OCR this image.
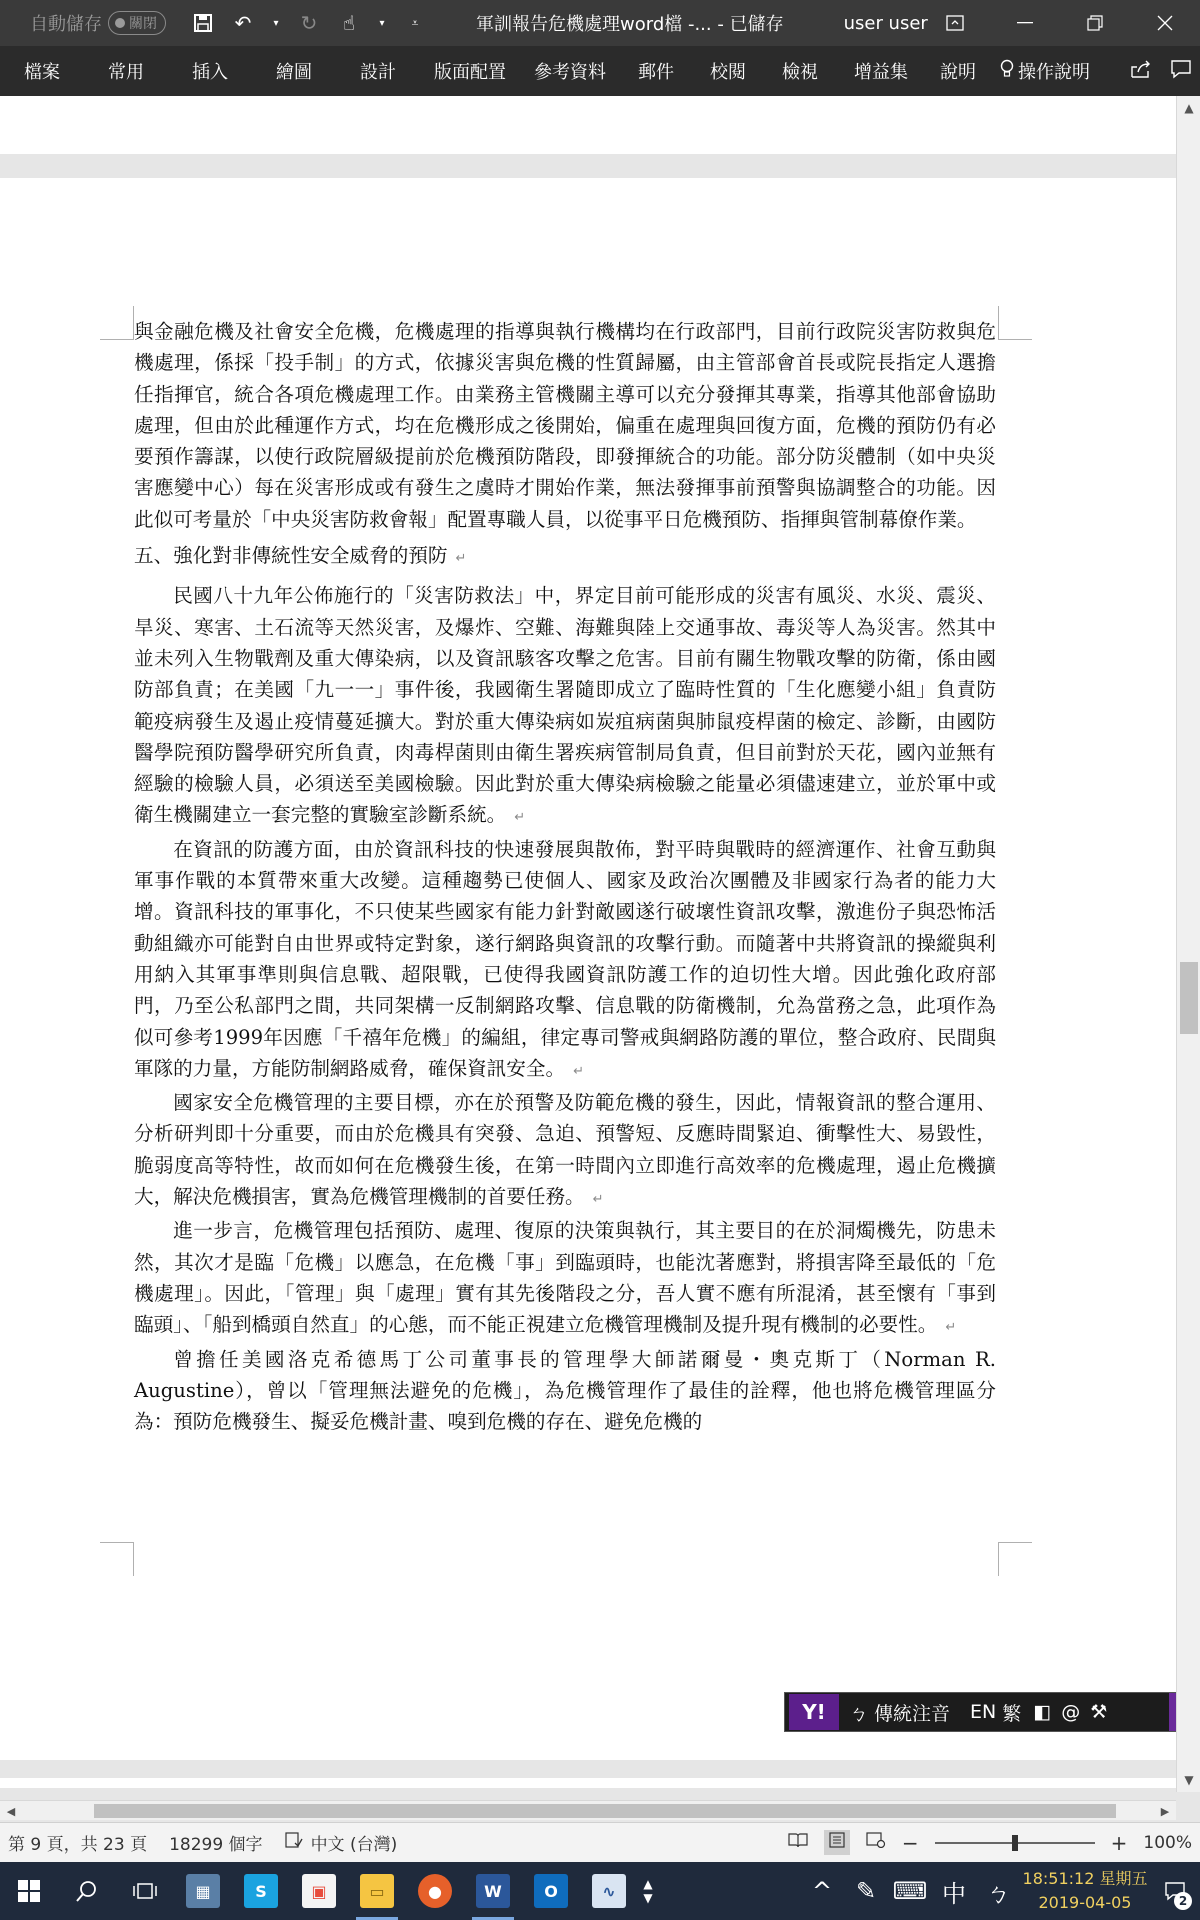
自動儲存 關閉	↶	▾ ↻	☝	▾	⩡	軍訓報告危機處理word檔 -... - 已儲存	user user
檔案	常用	插入	繪圖	設計	版面配置	參考資料	郵件	校閱	檢視	增益集	說明	操作說明

與金融危機及社會安全危機，危機處理的指導與執行機構均在行政部門，目前行政院災害防救與危機處理，係採「投手制」的方式，依據災害與危機的性質歸屬，由主管部會首長或院長指定人選擔任指揮官，統合各項危機處理工作。由業務主管機關主導可以充分發揮其專業，指導其他部會協助處理，但由於此種運作方式，均在危機形成之後開始，偏重在處理與回復方面，危機的預防仍有必要預作籌謀，以使行政院層級提前於危機預防階段，即發揮統合的功能。部分防災體制（如中央災害應變中心）每在災害形成或有發生之虞時才開始作業，無法發揮事前預警與協調整合的功能。因此似可考量於「中央災害防救會報」配置專職人員，以從事平日危機預防、指揮與管制幕僚作業。

五、強化對非傳統性安全威脅的預防 ↵

民國八十九年公佈施行的「災害防救法」中，界定目前可能形成的災害有風災、水災、震災、旱災、寒害、土石流等天然災害，及爆炸、空難、海難與陸上交通事故、毒災等人為災害。然其中並未列入生物戰劑及重大傳染病，以及資訊駭客攻擊之危害。目前有關生物戰攻擊的防衛，係由國防部負責；在美國「九一一」事件後，我國衛生署隨即成立了臨時性質的「生化應變小組」負責防範疫病發生及遏止疫情蔓延擴大。對於重大傳染病如炭疽病菌與肺鼠疫桿菌的檢定、診斷，由國防醫學院預防醫學研究所負責，肉毒桿菌則由衛生署疾病管制局負責，但目前對於天花，國內並無有經驗的檢驗人員，必須送至美國檢驗。因此對於重大傳染病檢驗之能量必須儘速建立，並於軍中或衛生機關建立一套完整的實驗室診斷系統。 ↵

在資訊的防護方面，由於資訊科技的快速發展與散佈，對平時與戰時的經濟運作、社會互動與軍事作戰的本質帶來重大改變。這種趨勢已使個人、國家及政治次團體及非國家行為者的能力大增。資訊科技的軍事化，不只使某些國家有能力針對敵國遂行破壞性資訊攻擊，激進份子與恐怖活動組織亦可能對自由世界或特定對象，遂行網路與資訊的攻擊行動。而隨著中共將資訊的操縱與利用納入其軍事準則與信息戰、超限戰，已使得我國資訊防護工作的迫切性大增。因此強化政府部門，乃至公私部門之間，共同架構一反制網路攻擊、信息戰的防衛機制，允為當務之急，此項作為似可參考1999年因應「千禧年危機」的編組，律定專司警戒與網路防護的單位，整合政府、民間與軍隊的力量，方能防制網路威脅，確保資訊安全。 ↵

國家安全危機管理的主要目標，亦在於預警及防範危機的發生，因此，情報資訊的整合運用、分析研判即十分重要，而由於危機具有突發、急迫、預警短、反應時間緊迫、衝擊性大、易毀性，脆弱度高等特性，故而如何在危機發生後，在第一時間內立即進行高效率的危機處理，遏止危機擴大，解決危機損害，實為危機管理機制的首要任務。 ↵

進一步言，危機管理包括預防、處理、復原的決策與執行，其主要目的在於洞燭機先，防患未然，其次才是臨「危機」以應急，在危機「事」到臨頭時，也能沈著應對，將損害降至最低的「危機處理」。因此，「管理」與「處理」實有其先後階段之分，吾人實不應有所混淆，甚至懷有「事到臨頭」、「船到橋頭自然直」的心態，而不能正視建立危機管理機制及提升現有機制的必要性。 ↵

曾擔任美國洛克希德馬丁公司董事長的管理學大師諾爾曼・奧克斯丁（Norman R. Augustine），曾以「管理無法避免的危機」，為危機管理作了最佳的詮釋，他也將危機管理區分為：預防危機發生、擬妥危機計畫、嗅到危機的存在、避免危機的

Y!	ㄅ 傳統注音 EN 繁 ◧ @ ⚒
▲
▼
◀	▶
第 9 頁，共 23 頁 18299 個字	中文 (台灣)	−	+ 100%
▦	S	▣	▭	●	W	O	∿	▲
▼	^ ✎ ⌨ 中 ㄅ
18:51:12 星期五
2019-04-05	2
